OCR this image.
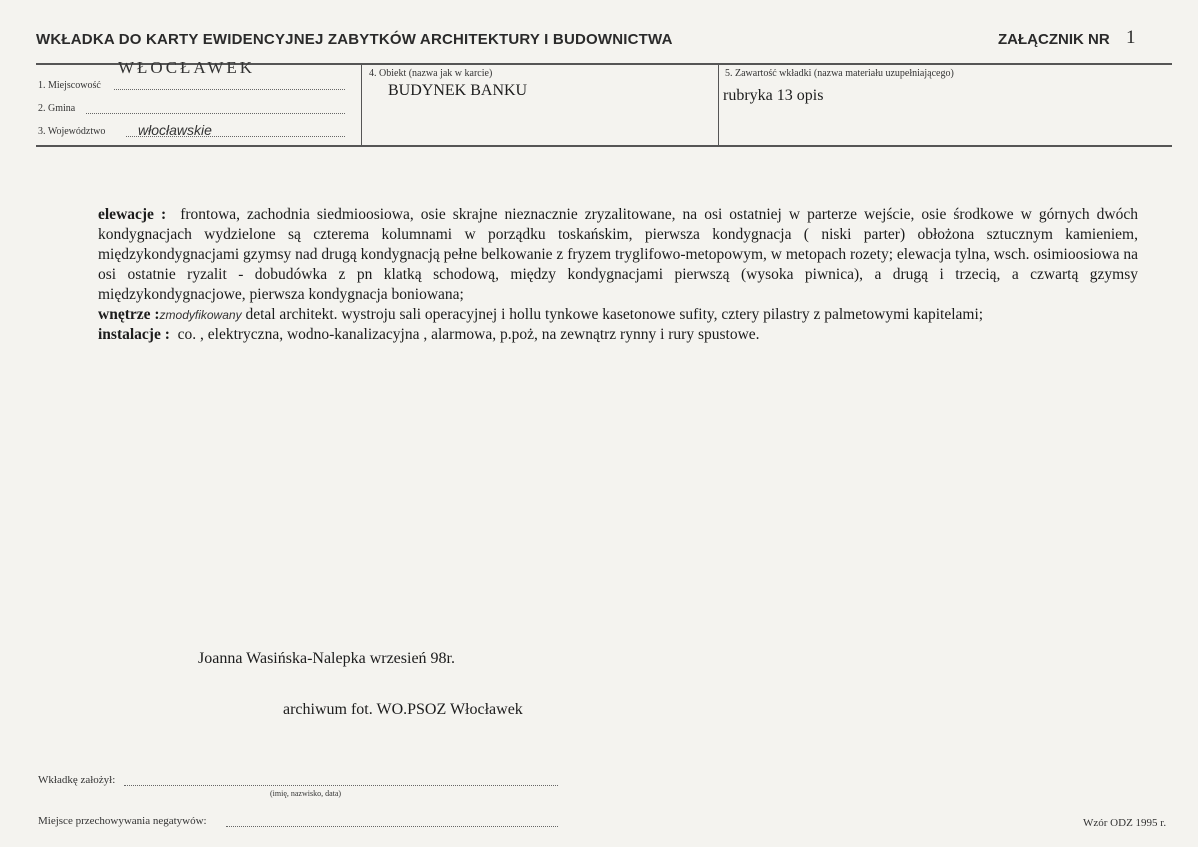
WKŁADKA DO KARTY EWIDENCYJNEJ ZABYTKÓW ARCHITEKTURY I BUDOWNICTWA	ZAŁĄCZNIK NR 1
WŁOCŁAWEK
1. Miejscowość
2. Gmina
3. Województwo włocławskie
4. Obiekt (nazwa jak w karcie)
BUDYNEK BANKU
5. Zawartość wkładki (nazwa materiału uzupełniającego)
rubryka 13 opis

elewacje : frontowa, zachodnia siedmioosiowa, osie skrajne nieznacznie zryzalitowane, na osi ostatniej w parterze wejście, osie środkowe w górnych dwóch kondygnacjach wydzielone są czterema kolumnami w porządku toskańskim, pierwsza kondygnacja ( niski parter) obłożona sztucznym kamieniem, międzykondygnacjami gzymsy nad drugą kondygnacją pełne belkowanie z fryzem tryglifowo-metopowym, w metopach rozety; elewacja tylna, wsch. osimioosiowa na osi ostatnie ryzalit - dobudówka z pn klatką schodową, między kondygnacjami pierwszą (wysoka piwnica), a drugą i trzecią, a czwartą gzymsy międzykondygnacjowe, pierwsza kondygnacja boniowana;

wnętrze :zmodyfikowany detal architekt. wystroju sali operacyjnej i hollu tynkowe kasetonowe sufity, cztery pilastry z palmetowymi kapitelami;

instalacje : co. , elektryczna, wodno-kanalizacyjna , alarmowa, p.poż, na zewnątrz rynny i rury spustowe.

Joanna Wasińska-Nalepka wrzesień 98r.
archiwum fot. WO.PSOZ Włocławek
Wkładkę założył:
(imię, nazwisko, data)
Miejsce przechowywania negatywów:	Wzór ODZ 1995 r.
